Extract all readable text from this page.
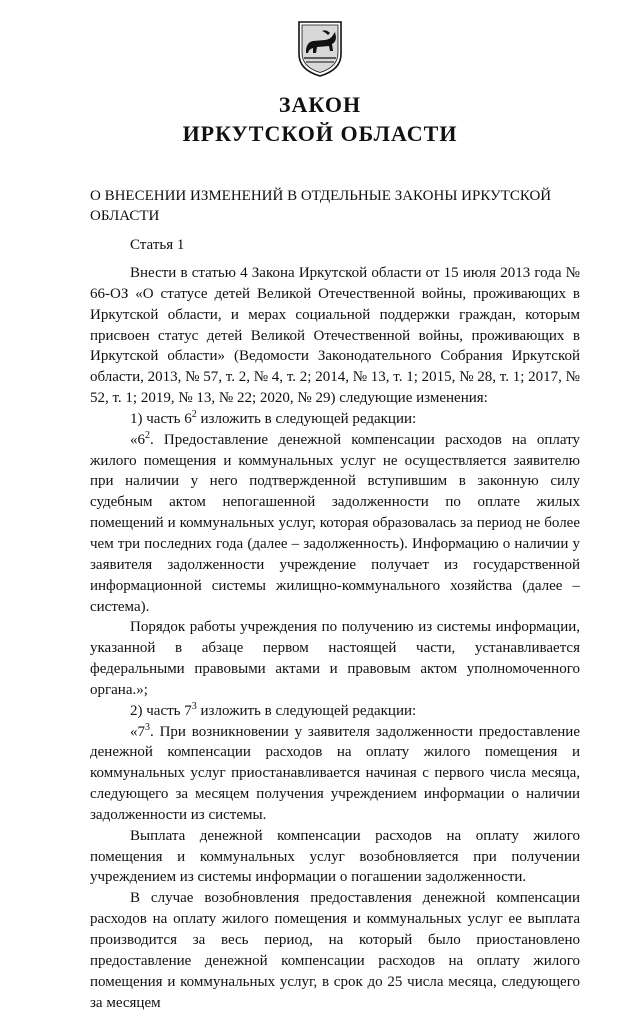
ЗАКОН
ИРКУТСКОЙ ОБЛАСТИ

О ВНЕСЕНИИ ИЗМЕНЕНИЙ В ОТДЕЛЬНЫЕ ЗАКОНЫ ИРКУТСКОЙ ОБЛАСТИ

Статья 1

Внести в статью 4 Закона Иркутской области от 15 июля 2013 года № 66-ОЗ «О статусе детей Великой Отечественной войны, проживающих в Иркутской области, и мерах социальной поддержки граждан, которым присвоен статус детей Великой Отечественной войны, проживающих в Иркутской области» (Ведомости Законодательного Собрания Иркутской области, 2013, № 57, т. 2, № 4, т. 2; 2014, № 13, т. 1; 2015, № 28, т. 1; 2017, № 52, т. 1; 2019, № 13, № 22; 2020, № 29) следующие изменения:

1) часть $6^2$ изложить в следующей редакции:

«$6^2$. Предоставление денежной компенсации расходов на оплату жилого помещения и коммунальных услуг не осуществляется заявителю при наличии у него подтвержденной вступившим в законную силу судебным актом непогашенной задолженности по оплате жилых помещений и коммунальных услуг, которая образовалась за период не более чем три последних года (далее – задолженность). Информацию о наличии у заявителя задолженности учреждение получает из государственной информационной системы жилищно-коммунального хозяйства (далее – система).

Порядок работы учреждения по получению из системы информации, указанной в абзаце первом настоящей части, устанавливается федеральными правовыми актами и правовым актом уполномоченного органа.»;

2) часть $7^3$ изложить в следующей редакции:

«$7^3$. При возникновении у заявителя задолженности предоставление денежной компенсации расходов на оплату жилого помещения и коммунальных услуг приостанавливается начиная с первого числа месяца, следующего за месяцем получения учреждением информации о наличии задолженности из системы.

Выплата денежной компенсации расходов на оплату жилого помещения и коммунальных услуг возобновляется при получении учреждением из системы информации о погашении задолженности.

В случае возобновления предоставления денежной компенсации расходов на оплату жилого помещения и коммунальных услуг ее выплата производится за весь период, на который было приостановлено предоставление денежной компенсации расходов на оплату жилого помещения и коммунальных услуг, в срок до 25 числа месяца, следующего за месяцем
